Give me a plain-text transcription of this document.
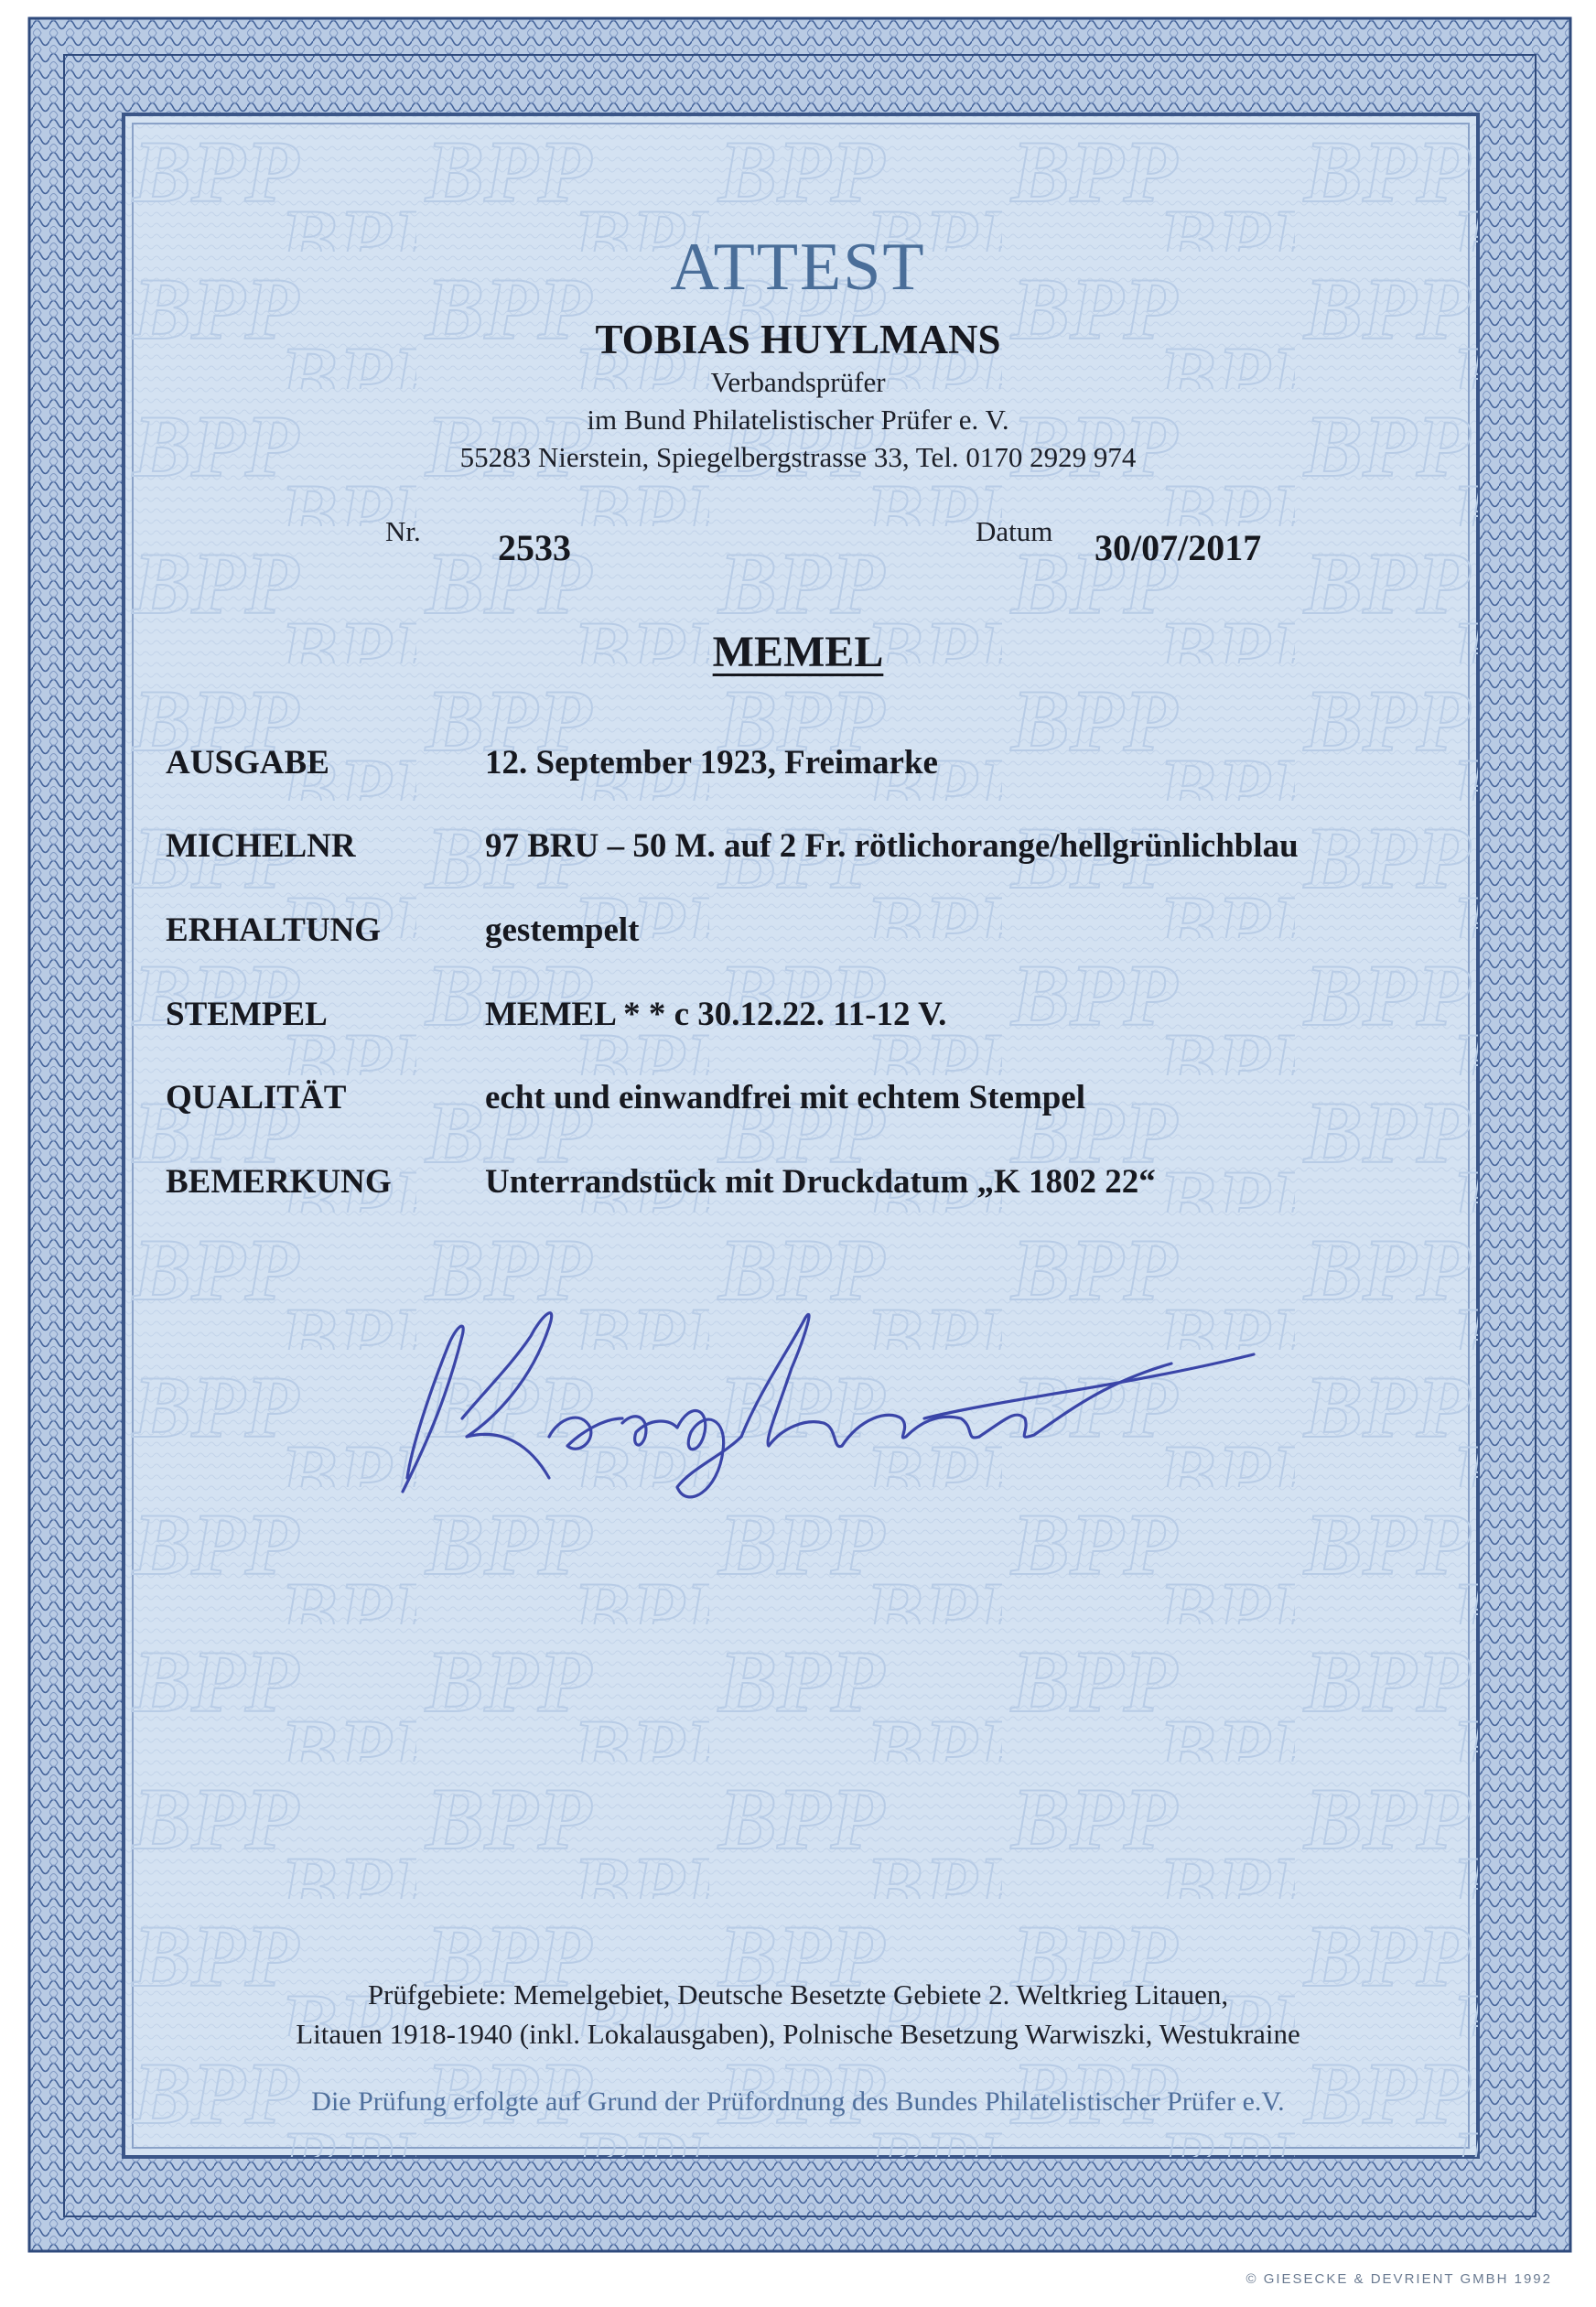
ATTEST
TOBIAS HUYLMANS
Verbandsprüfer
im Bund Philatelistischer Prüfer e. V.
55283 Nierstein, Spiegelbergstrasse 33, Tel. 0170 2929 974
Nr. 2533	Datum 30/07/2017
MEMEL
AUSGABE	12. September 1923, Freimarke
MICHELNR	97 BRU – 50 M. auf 2 Fr. rötlichorange/hellgrünlichblau
ERHALTUNG	gestempelt
STEMPEL	MEMEL * * c 30.12.22. 11-12 V.
QUALITÄT	echt und einwandfrei mit echtem Stempel
BEMERKUNG	Unterrandstück mit Druckdatum „K 1802 22“
Prüfgebiete: Memelgebiet, Deutsche Besetzte Gebiete 2. Weltkrieg Litauen,
Litauen 1918-1940 (inkl. Lokalausgaben), Polnische Besetzung Warwiszki, Westukraine
Die Prüfung erfolgte auf Grund der Prüfordnung des Bundes Philatelistischer Prüfer e.V.
© GIESECKE & DEVRIENT GMBH 1992
